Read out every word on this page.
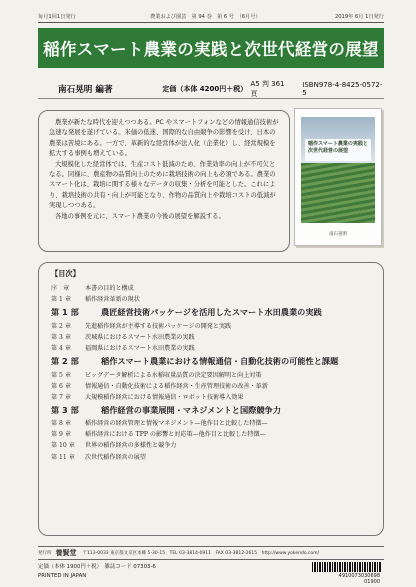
毎月1回1日発行	農業および園芸　第 94 巻　第 6 号　（6月号）	2019年 6月 1日発行
稲作スマート農業の実践と次世代経営の展望
南石晃明 編著	定価（本体 4200円＋税）
A5 判 361 頁
ISBN978-4-8425-0572-5

農業が新たな時代を迎えつつある。PC やスマートフォンなどの情報通信技術が急速な発展を遂げている。米価の低迷、国際的な自由競争の影響を受け、日本の農業は苦境にある。一方で、革新的な経営体が法人化（企業化）し、経営規模を拡大する事例も増えている。

大規模化した経営体では、生産コスト低減のため、作業効率の向上が不可欠となる。同様に、農産物の品質向上のために栽培技術の向上も必須である。農業のスマート化は、栽培に関する様々なデータの収集・分析を可能とした。これにより、栽培技術の共有・向上が可能となり、作物の品質向上や栽培コストの低減が実現しつつある。

各地の事例を元に、スマート農業の今後の展望を解説する。

稲作スマート農業の実践と次世代経営の展望
南石晃明
【目次】
序　章	本書の目的と構成
第 1 章	稲作経営革新の現状
第 1 部	農匠経営技術パッケージを活用したスマート水田農業の実践
第 2 章	先進稲作経営が主導する技術パッケージの開発と実践
第 3 章	茨城県におけるスマート水田農業の実践
第 4 章	福岡県におけるスマート水田農業の実践
第 2 部	稲作スマート農業における情報通信・自動化技術の可能性と課題
第 5 章	ビッグデータ解析による水稲収量品質の決定要因解明と向上対策
第 6 章	情報通信・自動化技術による稲作経営・生産管理技術の改善・革新
第 7 章	大規模稲作経営における情報通信・ロボット技術導入効果
第 3 部	稲作経営の事業展開・マネジメントと国際競争力
第 8 章	稲作経営の経営管理と情報マネジメント—他作目と比較した特徴—
第 9 章	稲作経営における TPP の影響と対応策—他作目と比較した特徴—
第 10 章	世界の稲作経営の多様性と競争力
第 11 章	次世代稲作経営の展望
発行所 養賢堂 〒113-0033 東京都文京区本郷 5-30-15　TEL 03-3814-0911　FAX 03-3812-2615　http://www.yokendo.com/
定価（本体 1900円＋税）　雑誌コード 07303-6
PRINTED IN JAPAN	4910073030698
01900
